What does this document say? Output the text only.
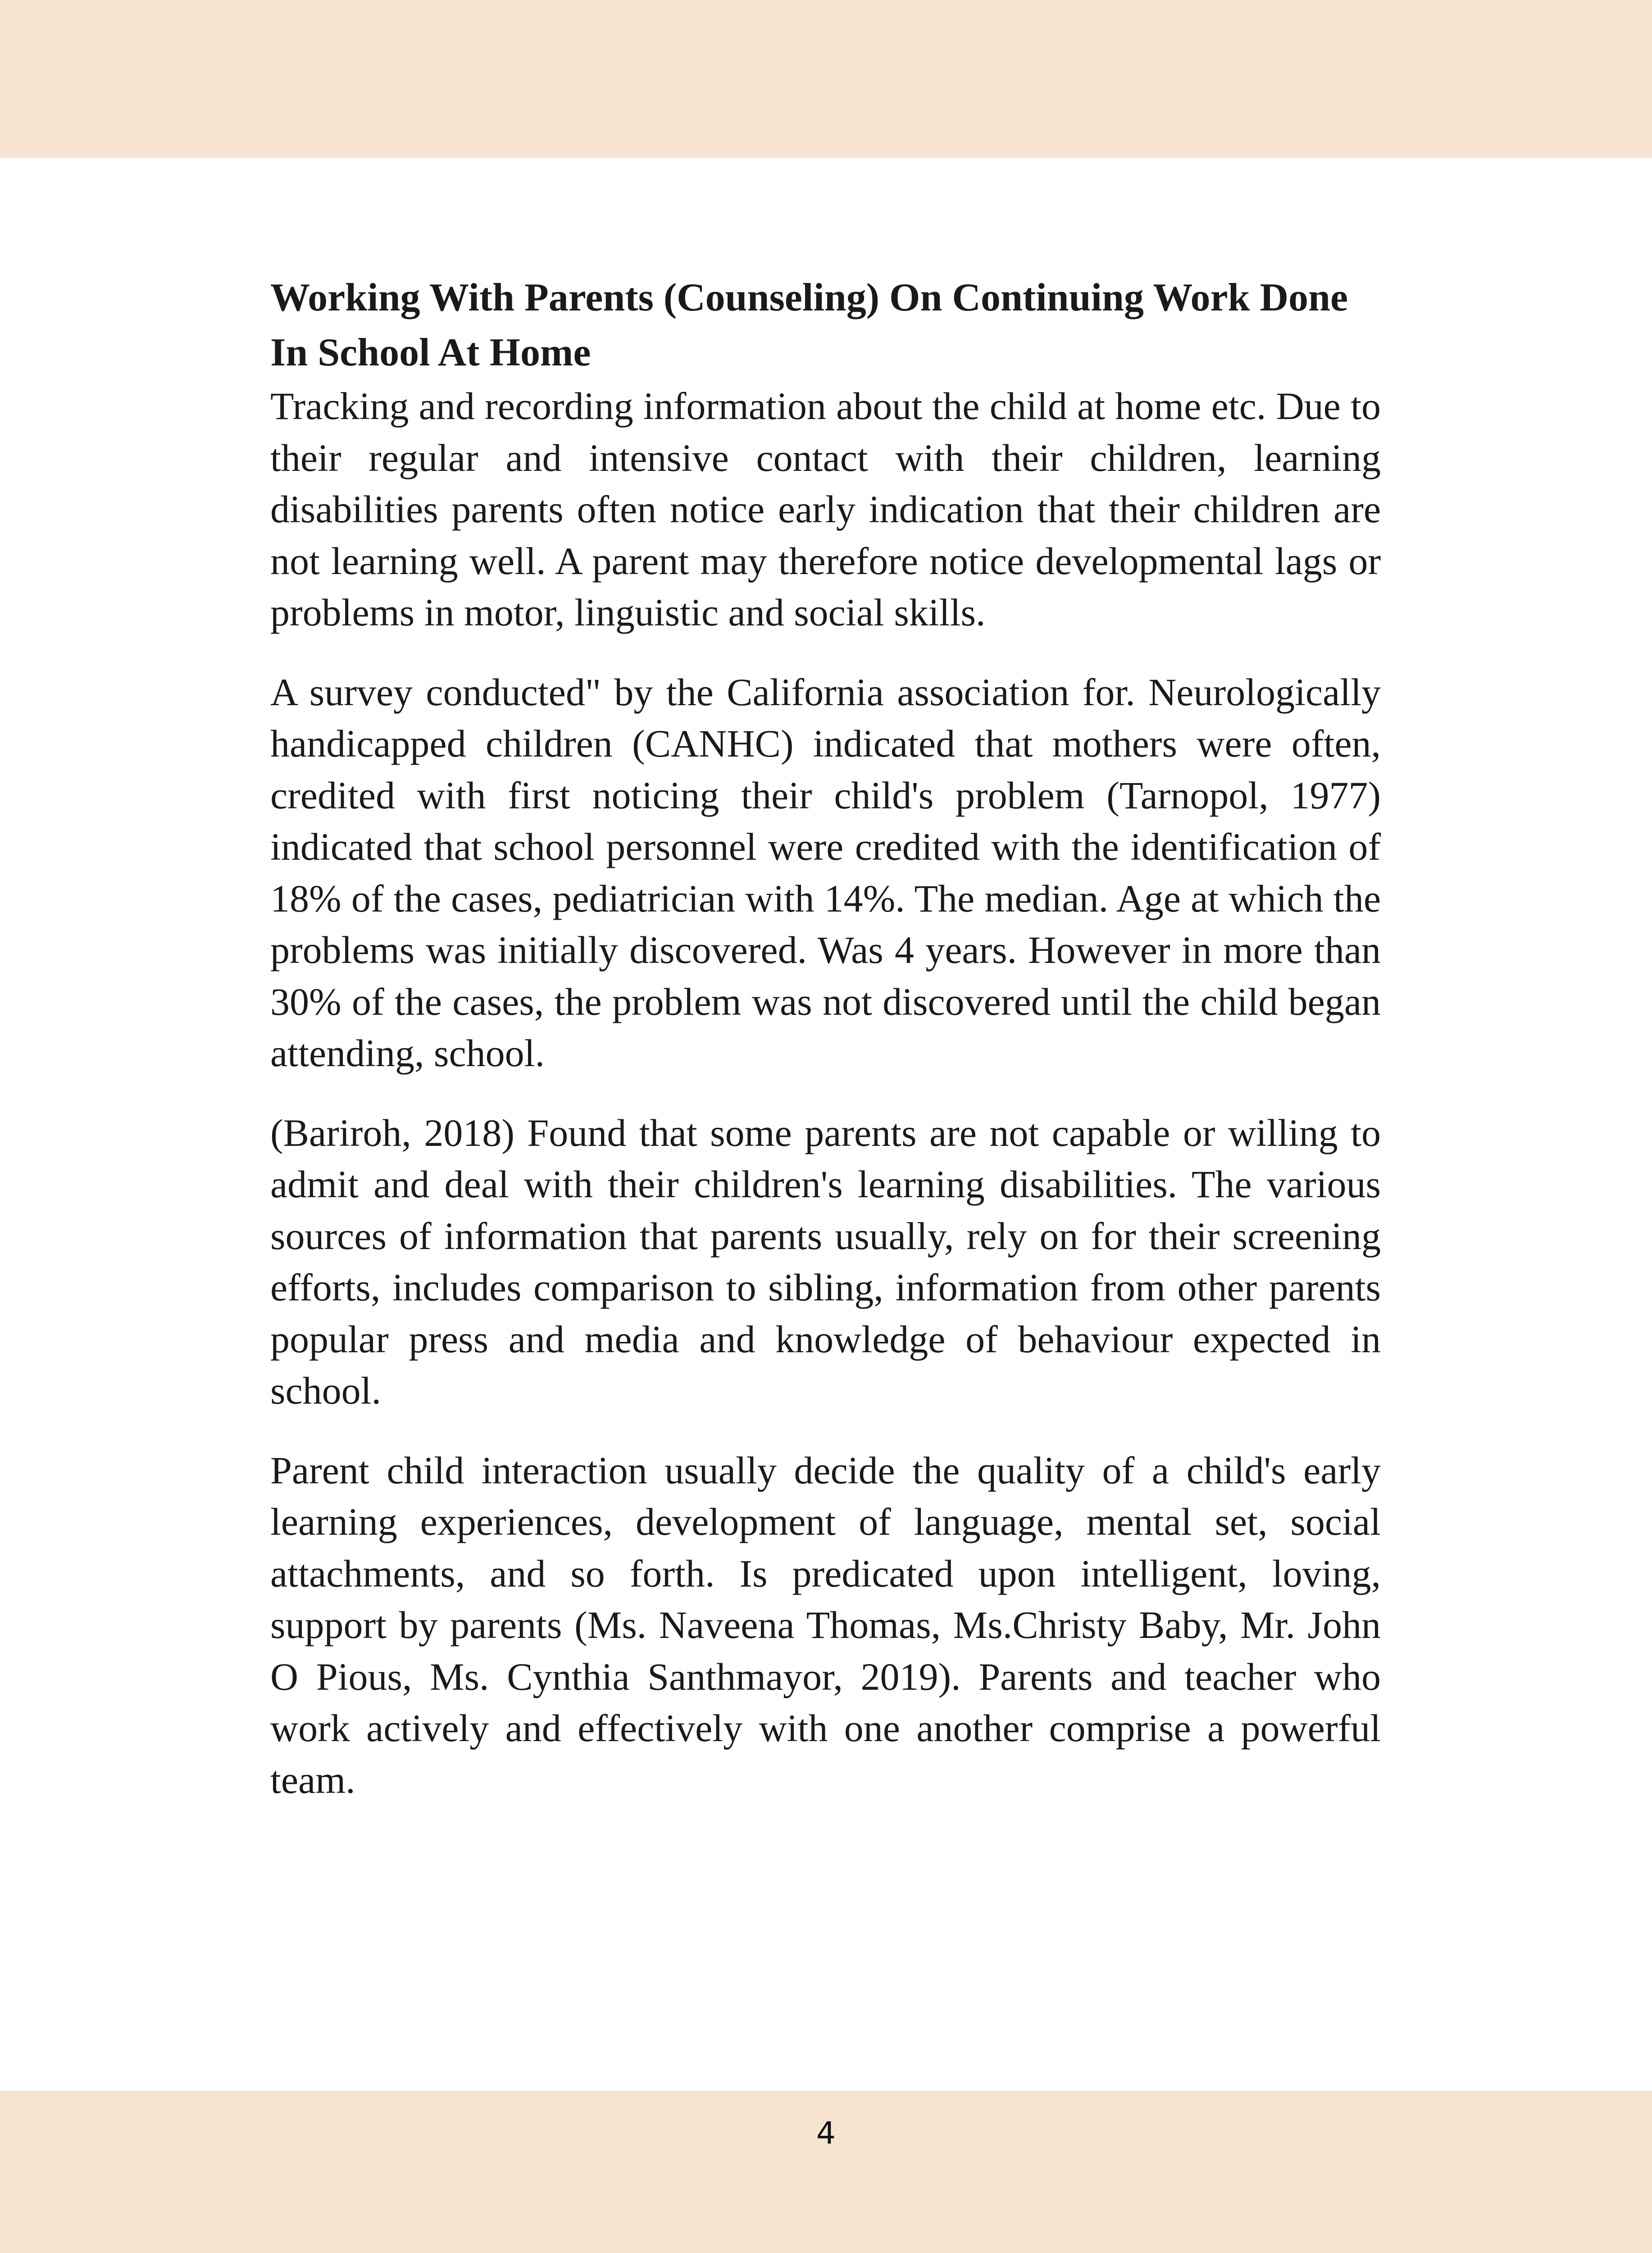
Working With Parents (Counseling) On Continuing Work Done In School At Home

Tracking and recording information about the child at home etc. Due to their regular and intensive contact with their children, learning disabilities parents often notice early indication that their children are not learning well. A parent may therefore notice developmental lags or problems in motor, linguistic and social skills.

A survey conducted" by the California association for. Neurologically handicapped children (CANHC) indicated that mothers were often, credited with first noticing their child's problem (Tarnopol, 1977) indicated that school personnel were credited with the identification of 18% of the cases, pediatrician with 14%. The median. Age at which the problems was initially discovered. Was 4 years. However in more than 30% of the cases, the problem was not discovered until the child began attending, school.

(Bariroh, 2018) Found that some parents are not capable or willing to admit and deal with their children's learning disabilities. The various sources of information that parents usually, rely on for their screening efforts, includes comparison to sibling, information from other parents popular press and media and knowledge of behaviour expected in school.

Parent child interaction usually decide the quality of a child's early learning experiences, development of language, mental set, social attachments, and so forth. Is predicated upon intelligent, loving, support by parents (Ms. Naveena Thomas, Ms.Christy Baby, Mr. John O Pious, Ms. Cynthia Santhmayor, 2019). Parents and teacher who work actively and effectively with one another comprise a powerful team.

4
